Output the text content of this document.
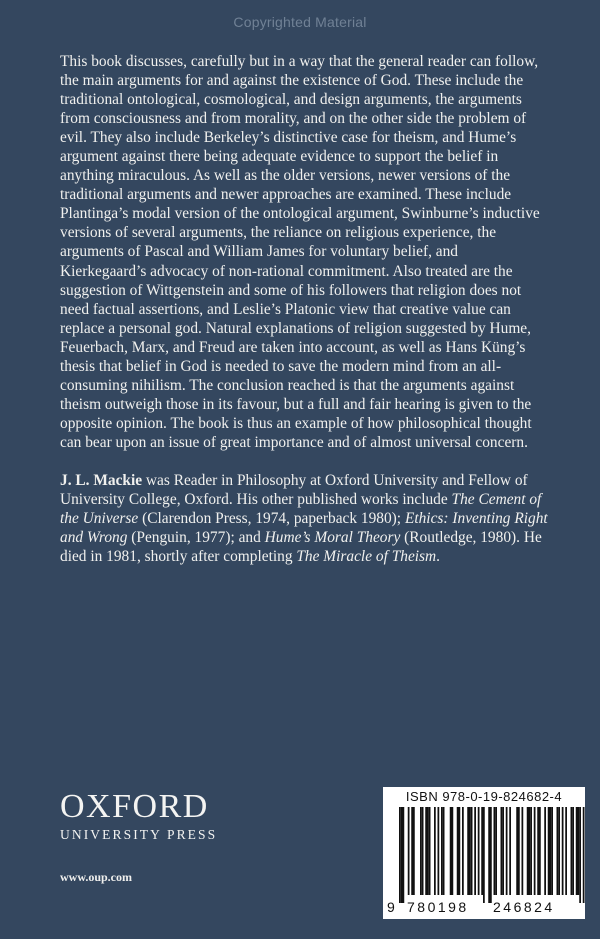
Copyrighted Material

This book discusses, carefully but in a way that the general reader can follow, the main arguments for and against the existence of God. These include the traditional ontological, cosmological, and design arguments, the arguments from consciousness and from morality, and on the other side the problem of evil. They also include Berkeley’s distinctive case for theism, and Hume’s argument against there being adequate evidence to support the belief in anything miraculous. As well as the older versions, newer versions of the traditional arguments and newer approaches are examined. These include Plantinga’s modal version of the ontological argument, Swinburne’s inductive versions of several arguments, the reliance on religious experience, the arguments of Pascal and William James for voluntary belief, and Kierkegaard’s advocacy of non-rational commitment. Also treated are the suggestion of Wittgenstein and some of his followers that religion does not need factual assertions, and Leslie’s Platonic view that creative value can replace a personal god. Natural explanations of religion suggested by Hume, Feuerbach, Marx, and Freud are taken into account, as well as Hans Küng’s thesis that belief in God is needed to save the modern mind from an all-consuming nihilism. The conclusion reached is that the arguments against theism outweigh those in its favour, but a full and fair hearing is given to the opposite opinion. The book is thus an example of how philosophical thought can bear upon an issue of great importance and of almost universal concern.

J. L. Mackie was Reader in Philosophy at Oxford University and Fellow of University College, Oxford. His other published works include The Cement of the Universe (Clarendon Press, 1974, paperback 1980); Ethics: Inventing Right and Wrong (Penguin, 1977); and Hume’s Moral Theory (Routledge, 1980). He died in 1981, shortly after completing The Miracle of Theism.

OXFORD
UNIVERSITY PRESS
www.oup.com
ISBN 978-0-19-824682-4
9 780198 246824
